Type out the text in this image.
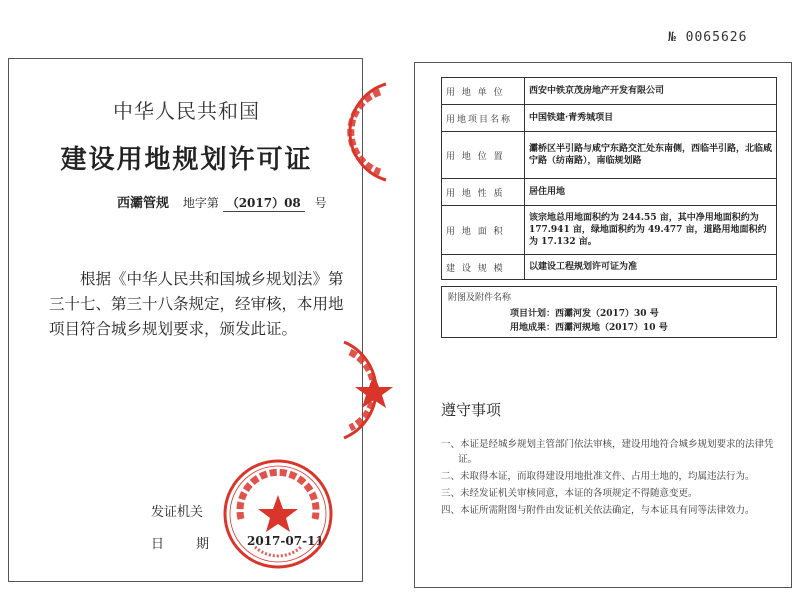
中华人民共和国
建设用地规划许可证
西灞管规 地字第 （2017）08 号
根据《中华人民共和国城乡规划法》第三十七、第三十八条规定，经审核，本用地项目符合城乡规划要求，颁发此证。
发证机关
日 期	2017-07-11
№ 0065626
用 地 单 位	西安中铁京茂房地产开发有限公司
用地项目名称	中国铁建·青秀城项目
用 地 位 置	灞桥区半引路与咸宁东路交汇处东南侧，西临半引路，北临咸宁路（纺南路），南临规划路
用 地 性 质	居住用地
用 地 面 积	该宗地总用地面积约为 244.55 亩，其中净用地面积约为 177.941 亩，绿地面积约为 49.477 亩，道路用地面积约为 17.132 亩。
建 设 规 模	以建设工程规划许可证为准
附图及附件名称
项目计划：西灞河发（2017）30 号
用地成果：西灞河规地（2017）10 号
遵守事项
一、本证是经城乡规划主管部门依法审核，建设用地符合城乡规划要求的法律凭证。
二、未取得本证，而取得建设用地批准文件、占用土地的，均属违法行为。
三、未经发证机关审核同意，本证的各项规定不得随意变更。
四、本证所需附图与附件由发证机关依法确定，与本证具有同等法律效力。
